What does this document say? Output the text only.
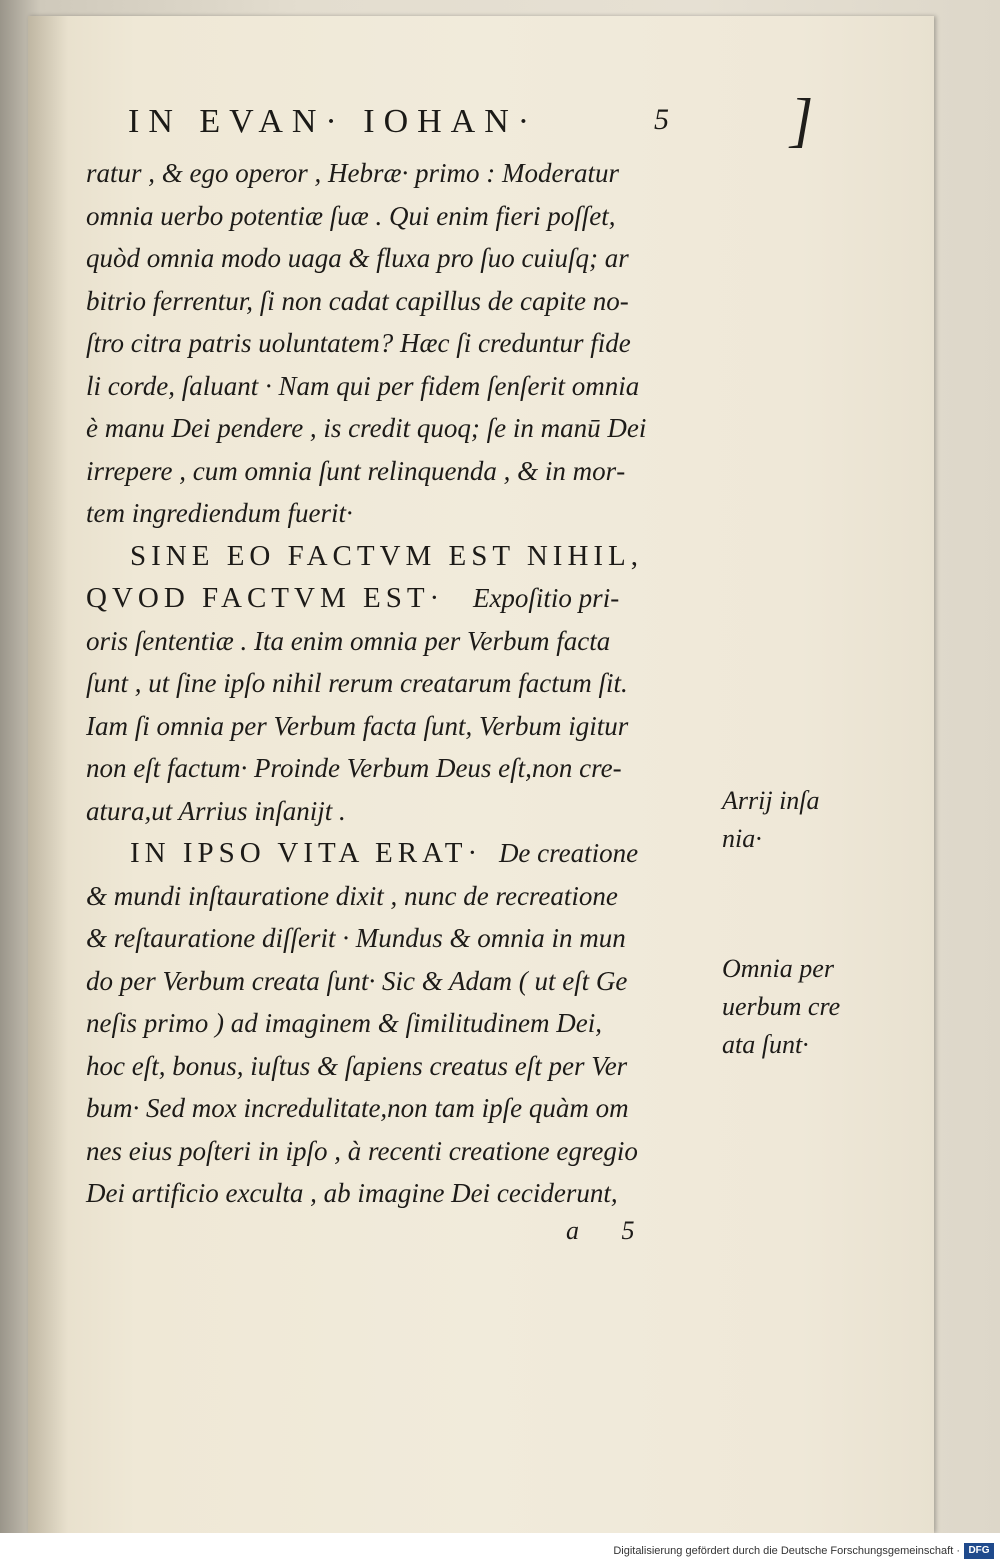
IN EVAN· IOHAN·	5 ]
ratur , & ego operor , Hebræ· primo : Moderatur
omnia uerbo potentiæ ſuæ . Qui enim fieri poſſet,
quòd omnia modo uaga & fluxa pro ſuo cuiuſq; ar
bitrio ferrentur, ſi non cadat capillus de capite no‑
ſtro citra patris uoluntatem? Hæc ſi creduntur fide
li corde, ſaluant · Nam qui per fidem ſenſerit omnia
è manu Dei pendere , is credit quoq; ſe in manū Dei
irrepere , cum omnia ſunt relinquenda , & in mor‑
tem ingrediendum fuerit·
SINE EO FACTVM EST NIHIL,
QVOD FACTVM EST· Expoſitio pri‑
oris ſententiæ . Ita enim omnia per Verbum facta
ſunt , ut ſine ipſo nihil rerum creatarum factum ſit.
Iam ſi omnia per Verbum facta ſunt, Verbum igitur
non eſt factum· Proinde Verbum Deus eſt,non cre‑
atura,ut Arrius inſanijt .
IN IPSO VITA ERAT· De creatione
& mundi inſtauratione dixit , nunc de recreatione
& reſtauratione diſſerit · Mundus & omnia in mun
do per Verbum creata ſunt· Sic & Adam ( ut eſt Ge
neſis primo ) ad imaginem & ſimilitudinem Dei,
hoc eſt, bonus, iuſtus & ſapiens creatus eſt per Ver
bum· Sed mox incredulitate,non tam ipſe quàm om
nes eius poſteri in ipſo , à recenti creatione egregio
Dei artificio exculta , ab imagine Dei ceciderunt,
Arrij inſa
nia·
Omnia per
uerbum cre
ata ſunt·
a 5
Digitalisierung gefördert durch die Deutsche Forschungsgemeinschaft · DFG
